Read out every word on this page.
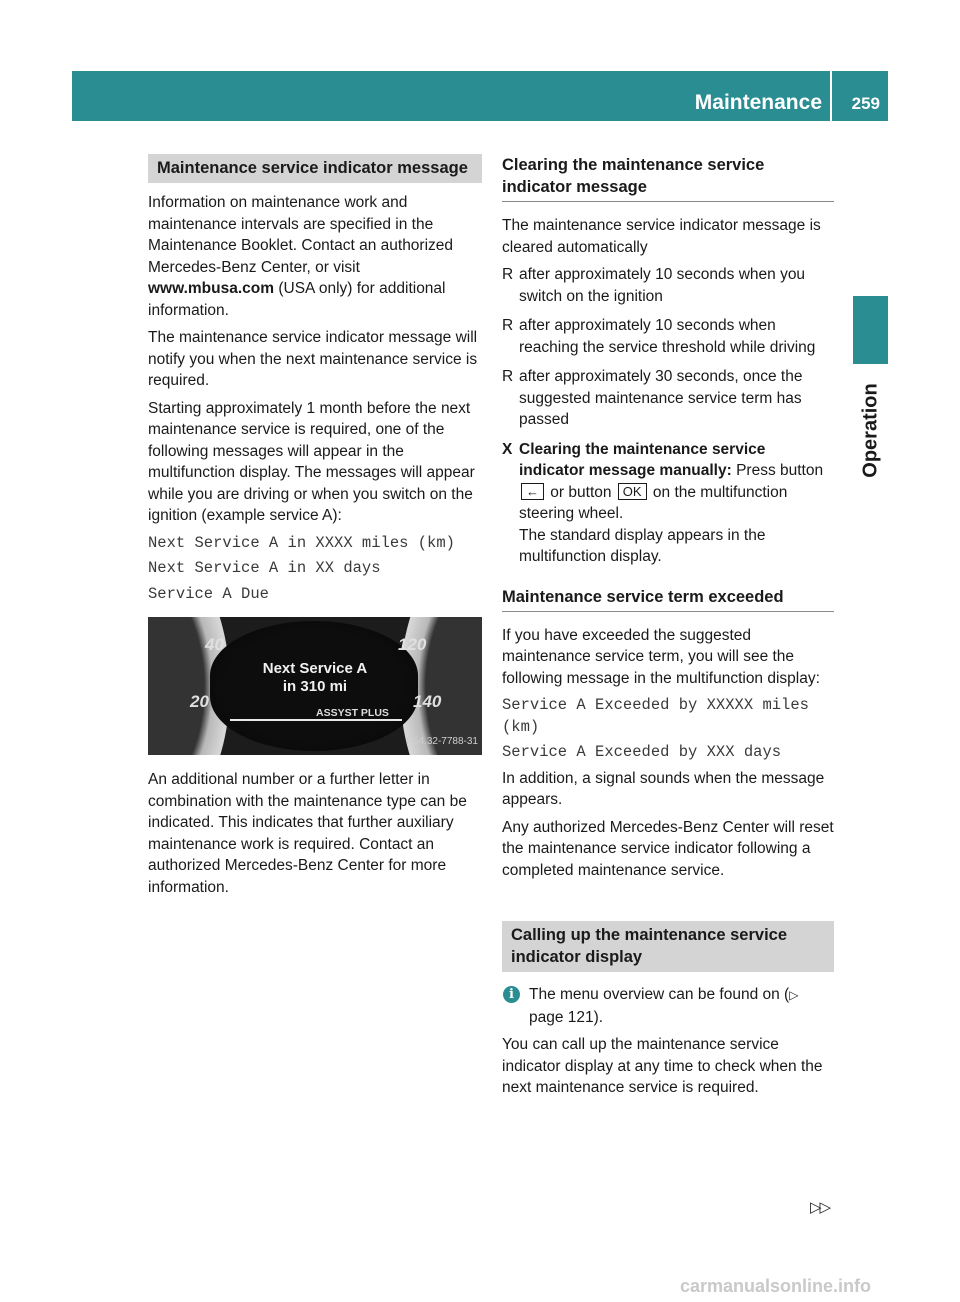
Maintenance 259
Operation
Maintenance service indicator message

Information on maintenance work and maintenance intervals are specified in the Maintenance Booklet. Contact an authorized Mercedes-Benz Center, or visit www.mbusa.com (USA only) for additional information.

The maintenance service indicator message will notify you when the next maintenance service is required.

Starting approximately 1 month before the next maintenance service is required, one of the following messages will appear in the multifunction display. The messages will appear while you are driving or when you switch on the ignition (example service A):

Next Service A in XXXX miles (km)
Next Service A in XX days
Service A Due
40
20
120
140
Next Service A
in 310 mi
ASSYST PLUS
P54.32-7788-31

An additional number or a further letter in combination with the maintenance type can be indicated. This indicates that further auxiliary maintenance work is required. Contact an authorized Mercedes-Benz Center for more information.

Clearing the maintenance service indicator message

The maintenance service indicator message is cleared automatically

R after approximately 10 seconds when you switch on the ignition
R after approximately 10 seconds when reaching the service threshold while driving
R after approximately 30 seconds, once the suggested maintenance service term has passed
X Clearing the maintenance service indicator message manually: Press button ← or button OK on the multifunction steering wheel.
The standard display appears in the multifunction display.
Maintenance service term exceeded

If you have exceeded the suggested maintenance service term, you will see the following message in the multifunction display:

Service A Exceeded by XXXXX miles (km)
Service A Exceeded by XXX days

In addition, a signal sounds when the message appears.

Any authorized Mercedes-Benz Center will reset the maintenance service indicator following a completed maintenance service.

Calling up the maintenance service indicator display
i The menu overview can be found on (▷ page 121).

You can call up the maintenance service indicator display at any time to check when the next maintenance service is required.

▷▷
carmanualsonline.info
